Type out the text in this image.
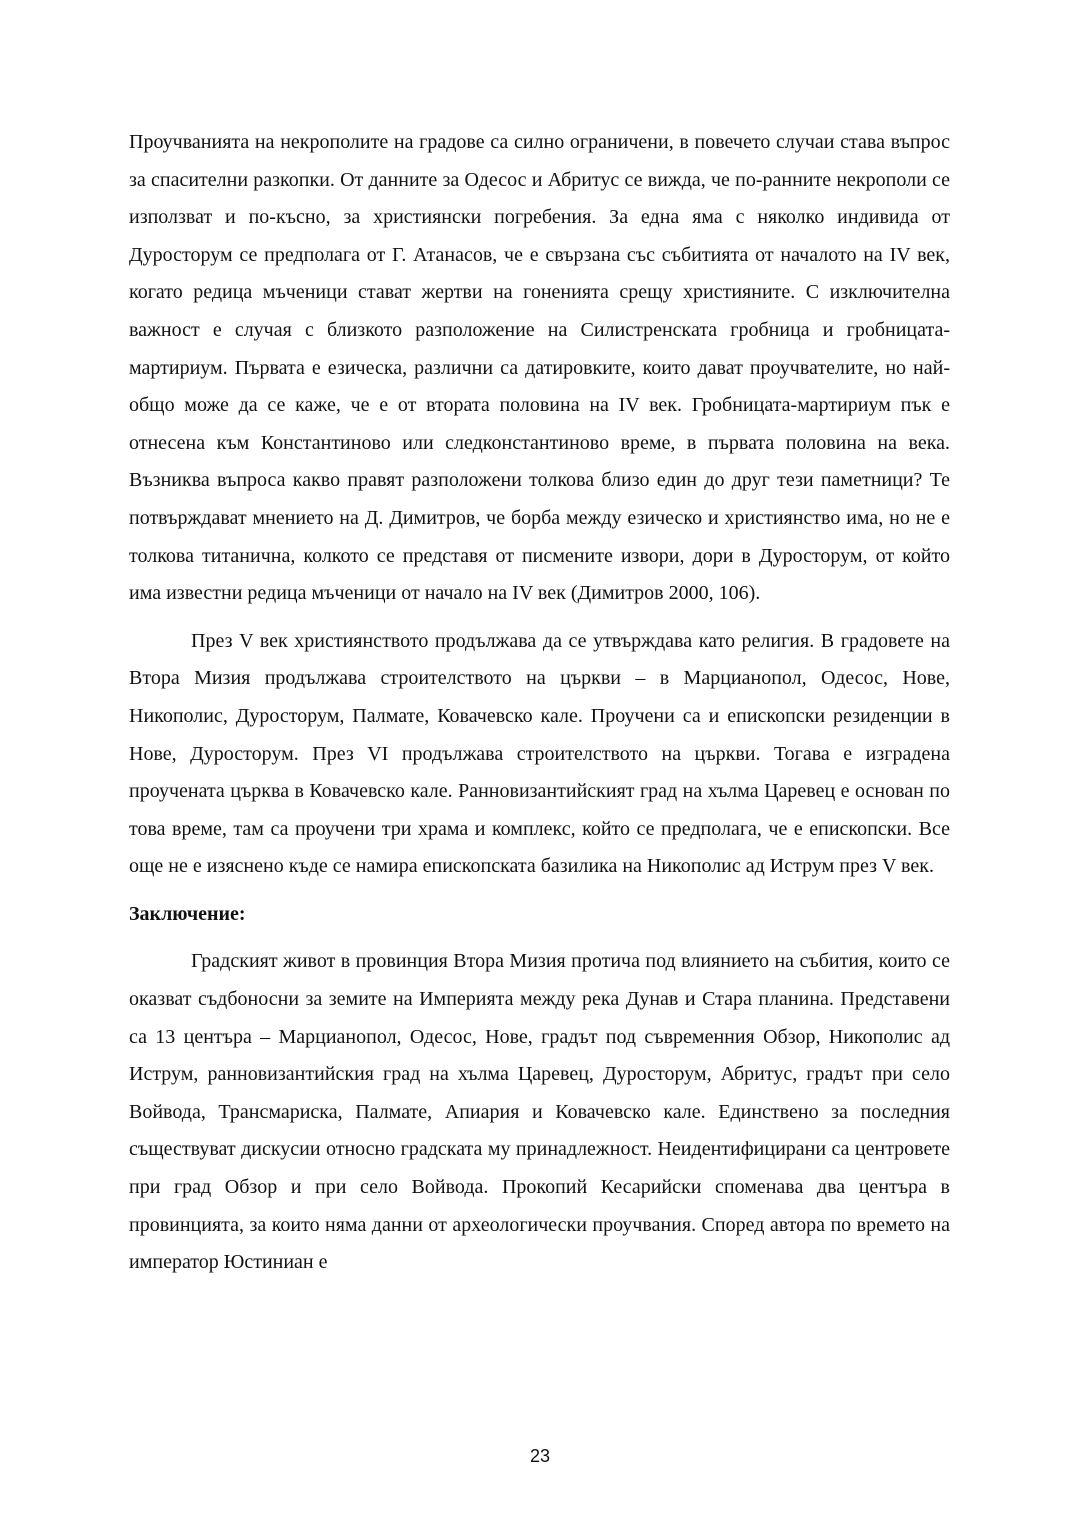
Проучванията на некрополите на градове са силно ограничени, в повечето случаи става въпрос за спасителни разкопки. От данните за Одесос и Абритус се вижда, че по-ранните некрополи се използват и по-късно, за християнски погребения. За една яма с няколко индивида от Дуросторум се предполага от Г. Атанасов, че е свързана със събитията от началото на IV век, когато редица мъченици стават жертви на гоненията срещу християните. С изключителна важност е случая с близкото разположение на Силистренската гробница и гробницата-мартириум. Първата е езическа, различни са датировките, които дават проучвателите, но най-общо може да се каже, че е от втората половина на IV век. Гробницата-мартириум пък е отнесена към Константиново или следконстантиново време, в първата половина на века. Възниква въпроса какво правят разположени толкова близо един до друг тези паметници? Те потвърждават мнението на Д. Димитров, че борба между езическо и християнство има, но не е толкова титанична, колкото се представя от писмените извори, дори в Дуросторум, от който има известни редица мъченици от начало на IV век (Димитров 2000, 106).

През V век християнството продължава да се утвърждава като религия. В градовете на Втора Мизия продължава строителството на църкви – в Марцианопол, Одесос, Нове, Никополис, Дуросторум, Палмате, Ковачевско кале. Проучени са и епископски резиденции в Нове, Дуросторум. През VI продължава строителството на църкви. Тогава е изградена проучената църква в Ковачевско кале. Ранновизантийският град на хълма Царевец е основан по това време, там са проучени три храма и комплекс, който се предполага, че е епископски. Все още не е изяснено къде се намира епископската базилика на Никополис ад Иструм през V век.

Заключение:

Градският живот в провинция Втора Мизия протича под влиянието на събития, които се оказват съдбоносни за земите на Империята между река Дунав и Стара планина. Представени са 13 центъра – Марцианопол, Одесос, Нове, градът под съвременния Обзор, Никополис ад Иструм, ранновизантийския град на хълма Царевец, Дуросторум, Абритус, градът при село Войвода, Трансмариска, Палмате, Апиария и Ковачевско кале. Единствено за последния съществуват дискусии относно градската му принадлежност. Неидентифицирани са центровете при град Обзор и при село Войвода. Прокопий Кесарийски споменава два центъра в провинцията, за които няма данни от археологически проучвания. Според автора по времето на император Юстиниан е

23
